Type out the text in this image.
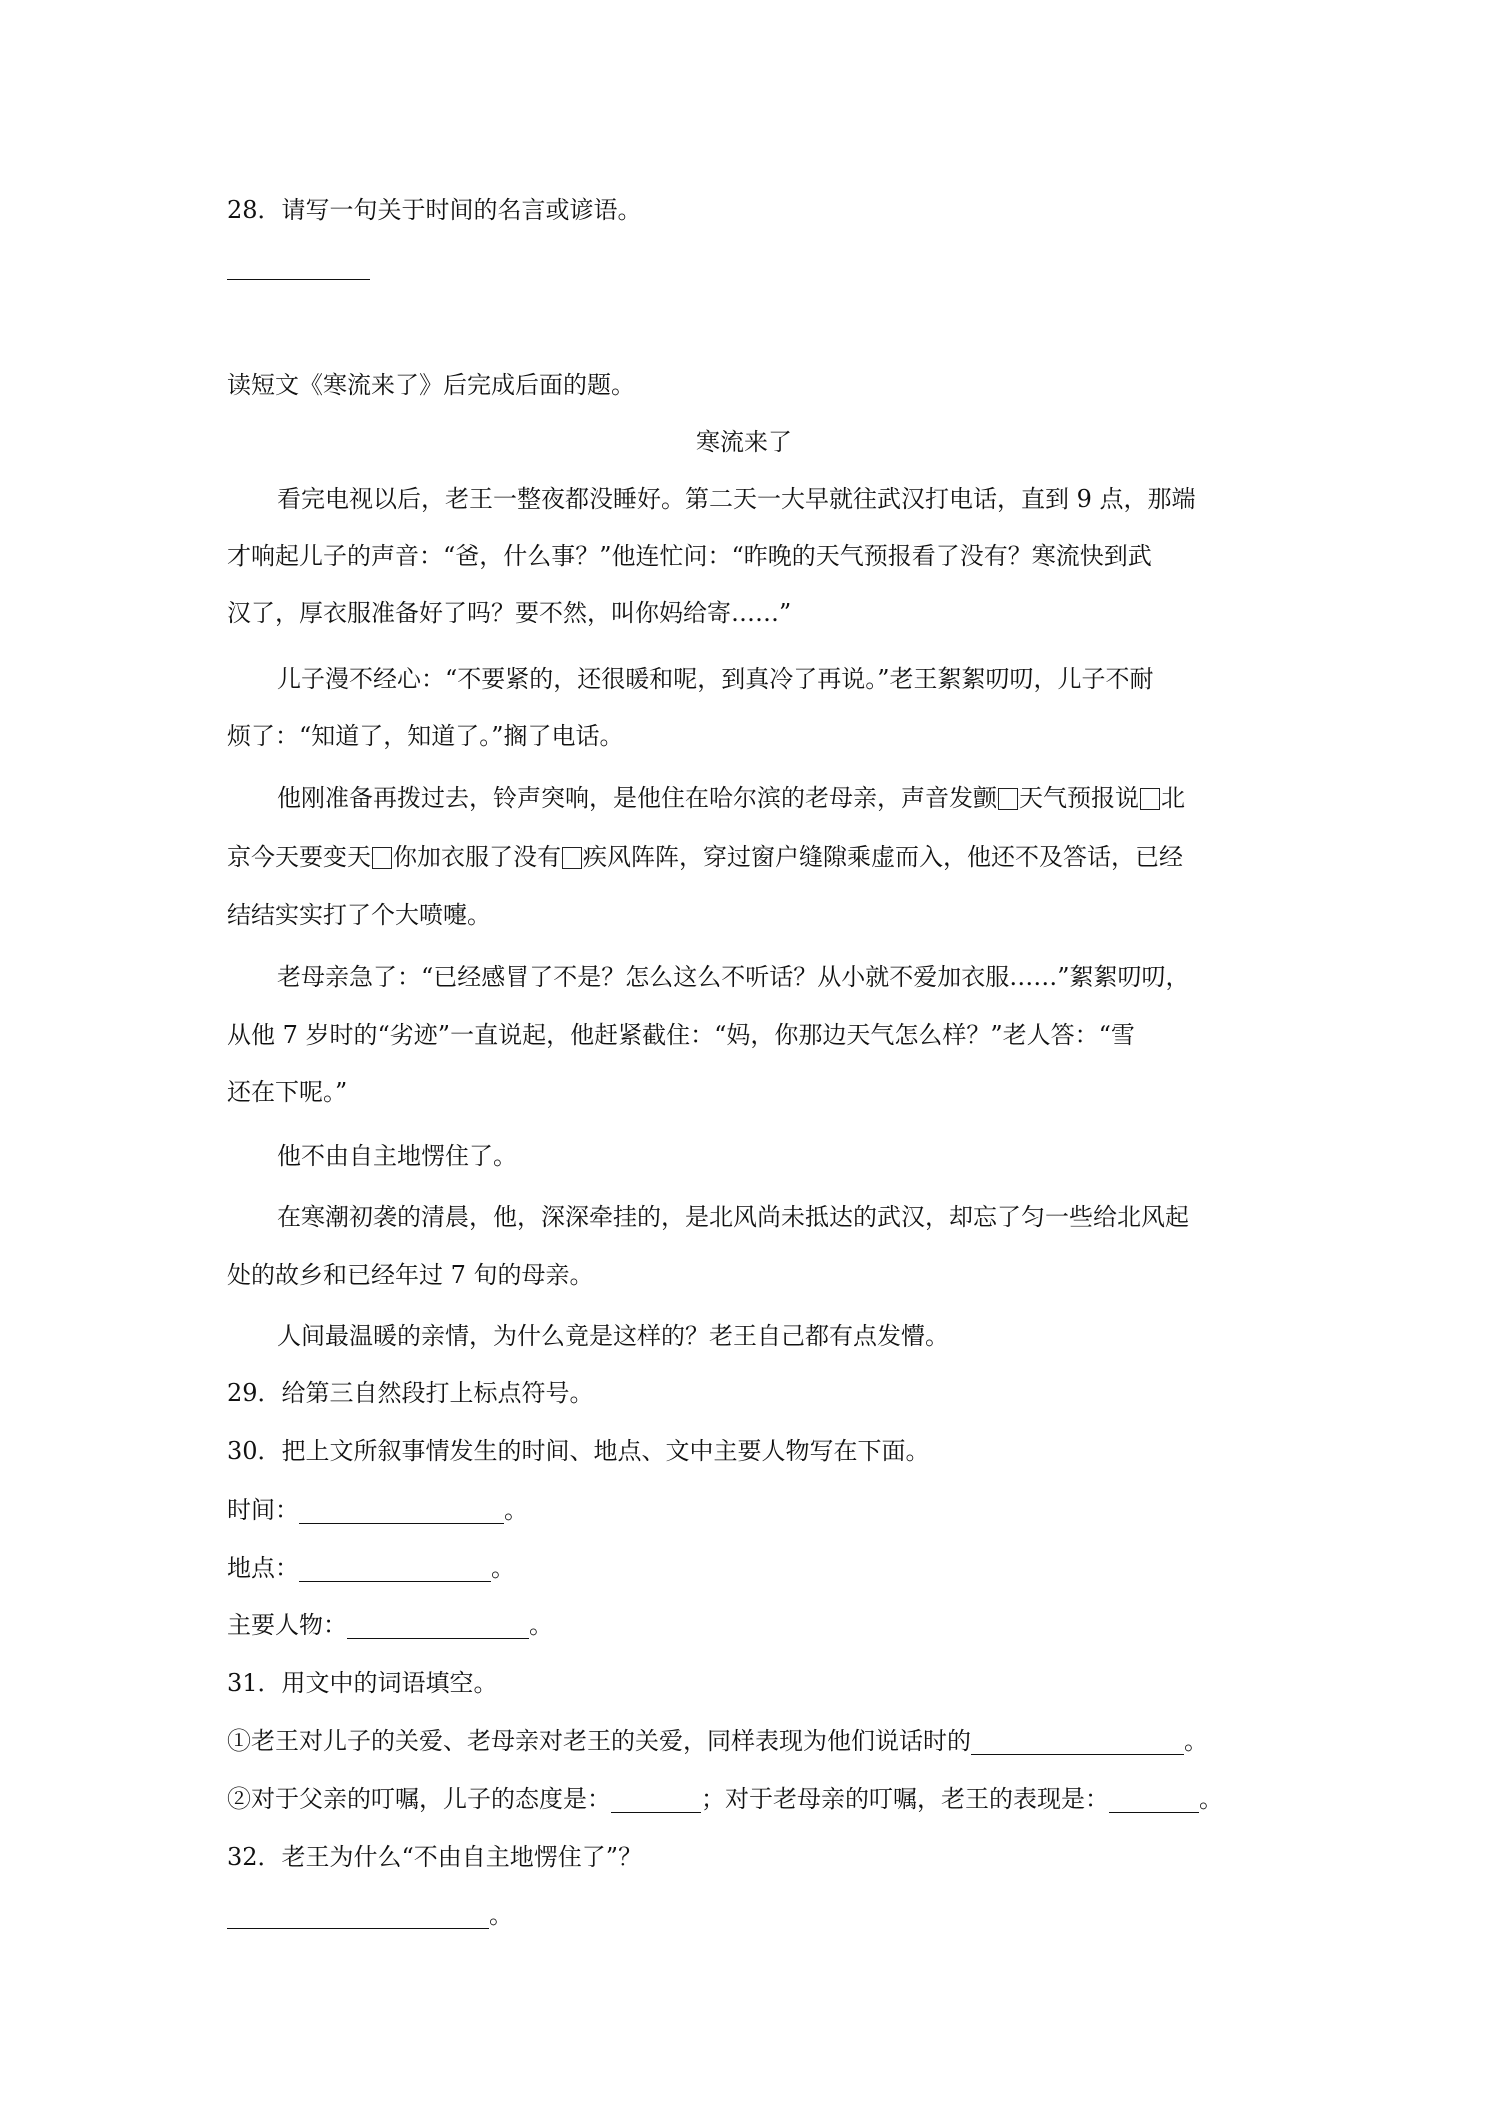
28．请写一句关于时间的名言或谚语。
读短文《寒流来了》后完成后面的题。
寒流来了
看完电视以后，老王一整夜都没睡好。第二天一大早就往武汉打电话，直到 9 点，那端
才响起儿子的声音：“爸，什么事？”他连忙问：“昨晚的天气预报看了没有？寒流快到武
汉了，厚衣服准备好了吗？要不然，叫你妈给寄……”
儿子漫不经心：“不要紧的，还很暖和呢，到真冷了再说。”老王絮絮叨叨，儿子不耐
烦了：“知道了，知道了。”搁了电话。
他刚准备再拨过去，铃声突响，是他住在哈尔滨的老母亲，声音发颤 天气预报说 北
京今天要变天 你加衣服了没有 疾风阵阵，穿过窗户缝隙乘虚而入，他还不及答话，已经
结结实实打了个大喷嚏。
老母亲急了：“已经感冒了不是？怎么这么不听话？从小就不爱加衣服……”絮絮叨叨，
从他 7 岁时的“劣迹”一直说起，他赶紧截住：“妈，你那边天气怎么样？”老人答：“雪
还在下呢。”
他不由自主地愣住了。
在寒潮初袭的清晨，他，深深牵挂的，是北风尚未抵达的武汉，却忘了匀一些给北风起
处的故乡和已经年过 7 旬的母亲。
人间最温暖的亲情，为什么竟是这样的？老王自己都有点发懵。
29．给第三自然段打上标点符号。
30．把上文所叙事情发生的时间、地点、文中主要人物写在下面。
时间：	。
地点：	。
主要人物：	。
31．用文中的词语填空。
①老王对儿子的关爱、老母亲对老王的关爱，同样表现为他们说话时的	。
②对于父亲的叮嘱，儿子的态度是：	；对于老母亲的叮嘱，老王的表现是：	。
32．老王为什么“不由自主地愣住了”？
。
